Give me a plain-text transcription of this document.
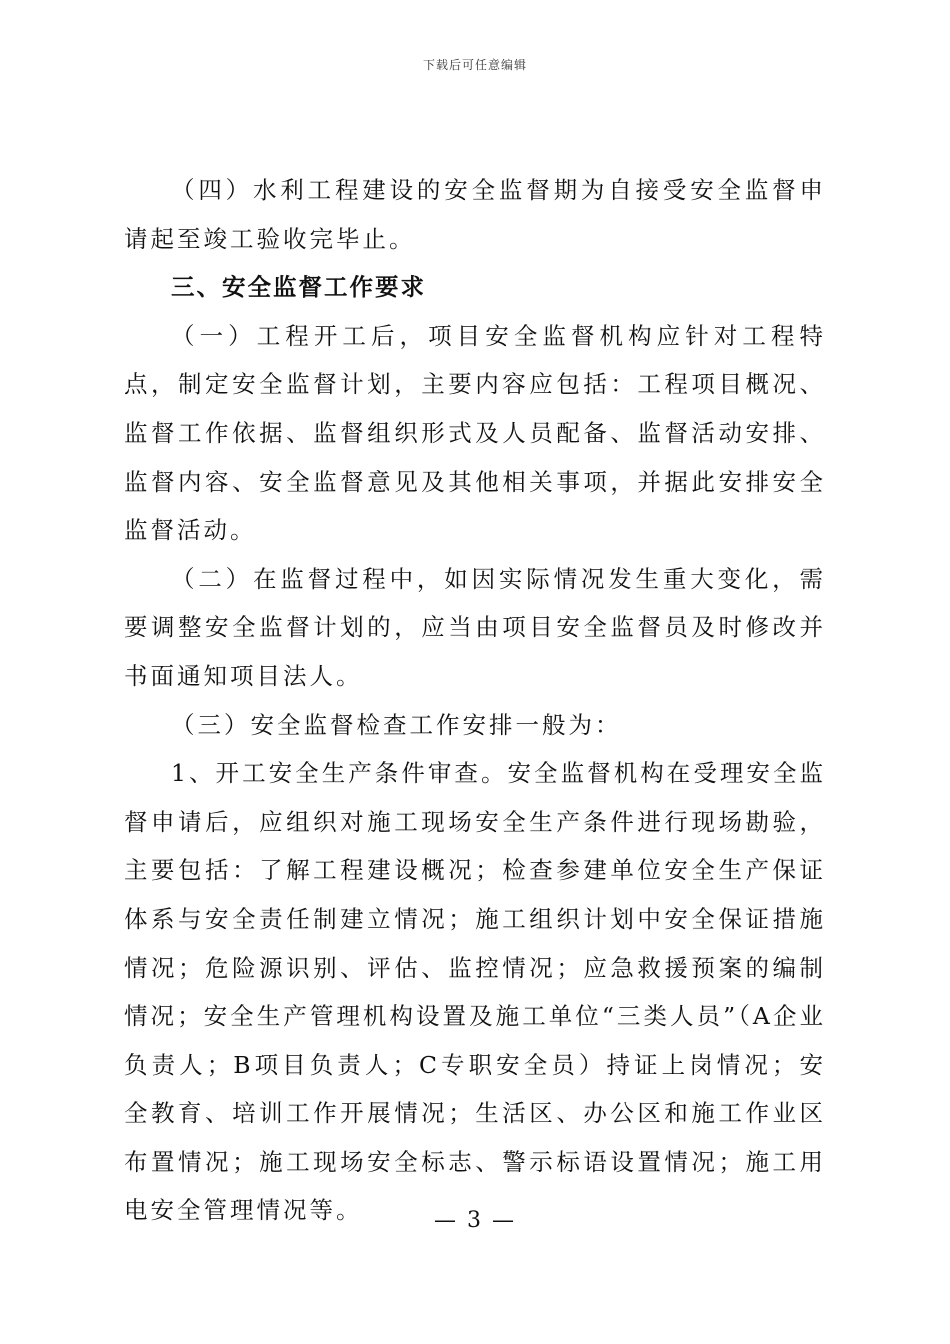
下载后可任意编辑

（四）水利工程建设的安全监督期为自接受安全监督申请起至竣工验收完毕止。

三、安全监督工作要求

（一）工程开工后，项目安全监督机构应针对工程特点，制定安全监督计划，主要内容应包括：工程项目概况、监督工作依据、监督组织形式及人员配备、监督活动安排、监督内容、安全监督意见及其他相关事项，并据此安排安全监督活动。

（二）在监督过程中，如因实际情况发生重大变化，需要调整安全监督计划的，应当由项目安全监督员及时修改并书面通知项目法人。

（三）安全监督检查工作安排一般为：

1、开工安全生产条件审查。安全监督机构在受理安全监督申请后，应组织对施工现场安全生产条件进行现场勘验，主要包括：了解工程建设概况；检查参建单位安全生产保证体系与安全责任制建立情况；施工组织计划中安全保证措施情况；危险源识别、评估、监控情况；应急救援预案的编制情况；安全生产管理机构设置及施工单位“三类人员”（A企业负责人；B项目负责人；C专职安全员）持证上岗情况；安全教育、培训工作开展情况；生活区、办公区和施工作业区布置情况；施工现场安全标志、警示标语设置情况；施工用电安全管理情况等。	— 3 —
